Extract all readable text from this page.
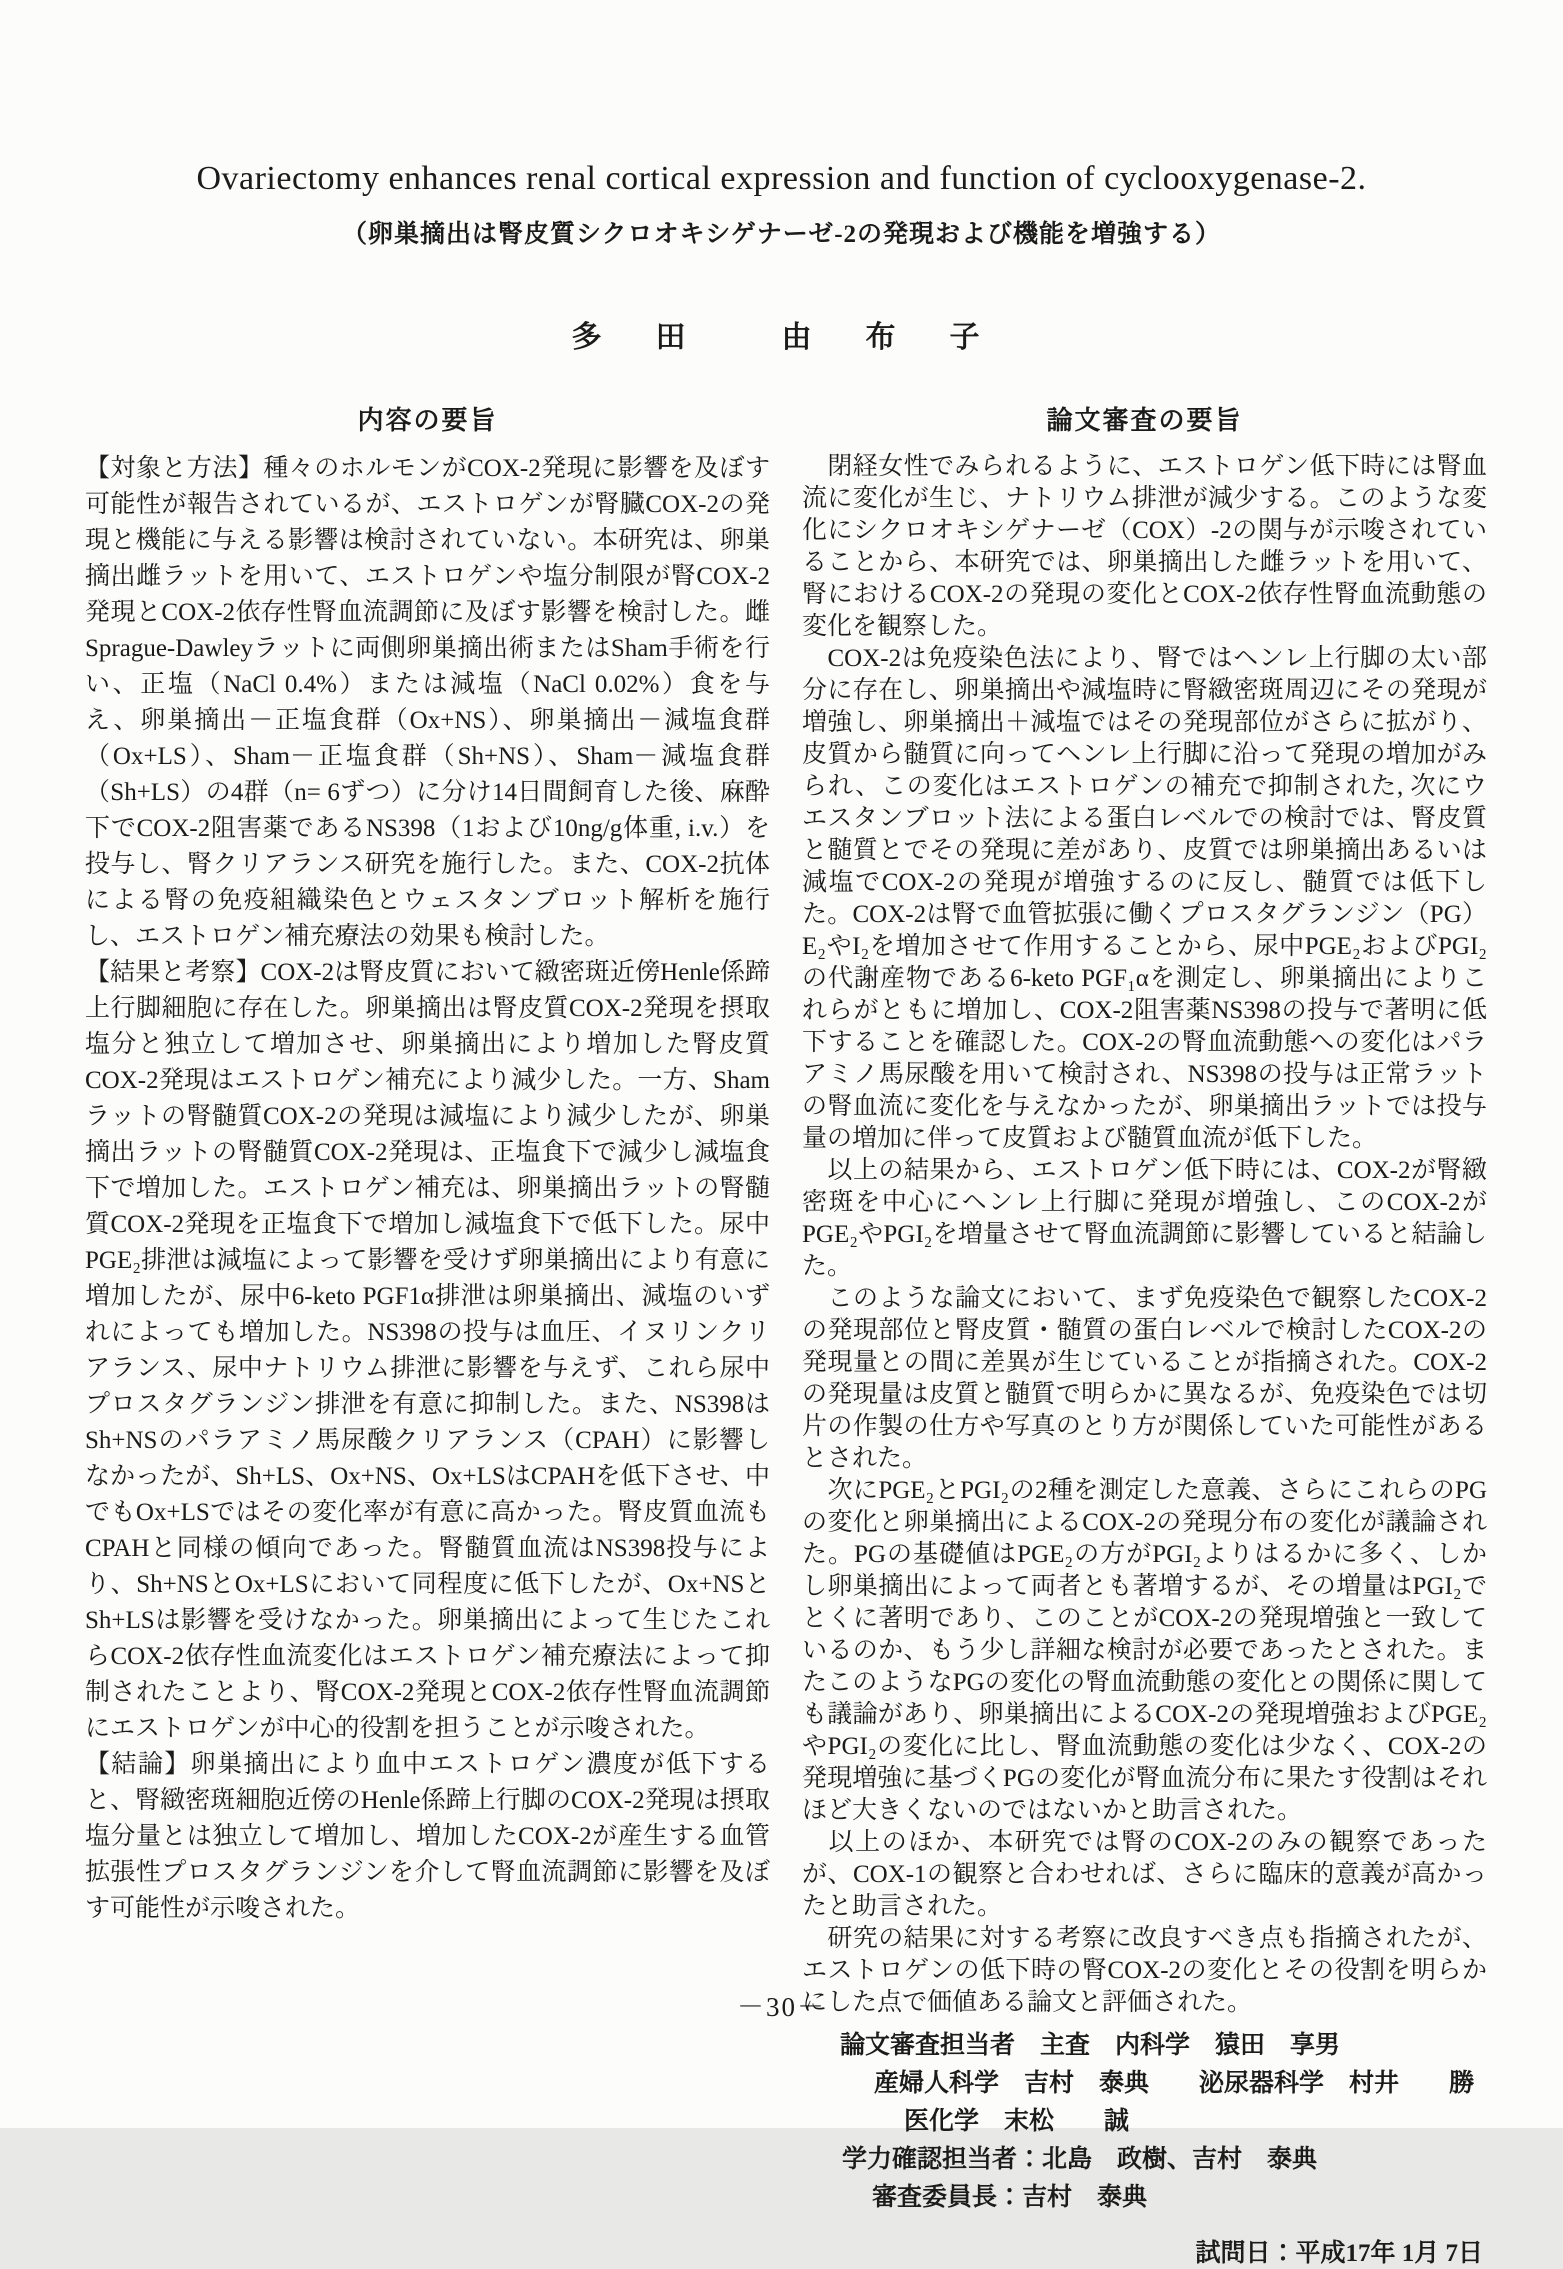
Ovariectomy enhances renal cortical expression and function of cyclooxygenase-2.
（卵巣摘出は腎皮質シクロオキシゲナーゼ-2の発現および機能を増強する）
多　田　　由　布　子
内容の要旨

【対象と方法】種々のホルモンがCOX-2発現に影響を及ぼす可能性が報告されているが、エストロゲンが腎臓COX-2の発現と機能に与える影響は検討されていない。本研究は、卵巣摘出雌ラットを用いて、エストロゲンや塩分制限が腎COX-2発現とCOX-2依存性腎血流調節に及ぼす影響を検討した。雌Sprague-Dawleyラットに両側卵巣摘出術またはSham手術を行い、正塩（NaCl 0.4%）または減塩（NaCl 0.02%）食を与え、卵巣摘出－正塩食群（Ox+NS）、卵巣摘出－減塩食群（Ox+LS）、Sham－正塩食群（Sh+NS）、Sham－減塩食群（Sh+LS）の4群（n= 6ずつ）に分け14日間飼育した後、麻酔下でCOX-2阻害薬であるNS398（1および10ng/g体重, i.v.）を投与し、腎クリアランス研究を施行した。また、COX-2抗体による腎の免疫組織染色とウェスタンブロット解析を施行し、エストロゲン補充療法の効果も検討した。

【結果と考察】COX-2は腎皮質において緻密斑近傍Henle係蹄上行脚細胞に存在した。卵巣摘出は腎皮質COX-2発現を摂取塩分と独立して増加させ、卵巣摘出により増加した腎皮質COX-2発現はエストロゲン補充により減少した。一方、Shamラットの腎髄質COX-2の発現は減塩により減少したが、卵巣摘出ラットの腎髄質COX-2発現は、正塩食下で減少し減塩食下で増加した。エストロゲン補充は、卵巣摘出ラットの腎髄質COX-2発現を正塩食下で増加し減塩食下で低下した。尿中PGE₂排泄は減塩によって影響を受けず卵巣摘出により有意に増加したが、尿中6-keto PGF1α排泄は卵巣摘出、減塩のいずれによっても増加した。NS398の投与は血圧、イヌリンクリアランス、尿中ナトリウム排泄に影響を与えず、これら尿中プロスタグランジン排泄を有意に抑制した。また、NS398はSh+NSのパラアミノ馬尿酸クリアランス（CPAH）に影響しなかったが、Sh+LS、Ox+NS、Ox+LSはCPAHを低下させ、中でもOx+LSではその変化率が有意に高かった。腎皮質血流もCPAHと同様の傾向であった。腎髄質血流はNS398投与により、Sh+NSとOx+LSにおいて同程度に低下したが、Ox+NSとSh+LSは影響を受けなかった。卵巣摘出によって生じたこれらCOX-2依存性血流変化はエストロゲン補充療法によって抑制されたことより、腎COX-2発現とCOX-2依存性腎血流調節にエストロゲンが中心的役割を担うことが示唆された。

【結論】卵巣摘出により血中エストロゲン濃度が低下すると、腎緻密斑細胞近傍のHenle係蹄上行脚のCOX-2発現は摂取塩分量とは独立して増加し、増加したCOX-2が産生する血管拡張性プロスタグランジンを介して腎血流調節に影響を及ぼす可能性が示唆された。

論文審査の要旨

　閉経女性でみられるように、エストロゲン低下時には腎血流に変化が生じ、ナトリウム排泄が減少する。このような変化にシクロオキシゲナーゼ（COX）-2の関与が示唆されていることから、本研究では、卵巣摘出した雌ラットを用いて、腎におけるCOX-2の発現の変化とCOX-2依存性腎血流動態の変化を観察した。

　COX-2は免疫染色法により、腎ではヘンレ上行脚の太い部分に存在し、卵巣摘出や減塩時に腎緻密斑周辺にその発現が増強し、卵巣摘出＋減塩ではその発現部位がさらに拡がり、皮質から髄質に向ってヘンレ上行脚に沿って発現の増加がみられ、この変化はエストロゲンの補充で抑制された, 次にウエスタンブロット法による蛋白レベルでの検討では、腎皮質と髄質とでその発現に差があり、皮質では卵巣摘出あるいは減塩でCOX-2の発現が増強するのに反し、髄質では低下した。COX-2は腎で血管拡張に働くプロスタグランジン（PG）E₂やI₂を増加させて作用することから、尿中PGE₂およびPGI₂の代謝産物である6-keto PGF₁αを測定し、卵巣摘出によりこれらがともに増加し、COX-2阻害薬NS398の投与で著明に低下することを確認した。COX-2の腎血流動態への変化はパラアミノ馬尿酸を用いて検討され、NS398の投与は正常ラットの腎血流に変化を与えなかったが、卵巣摘出ラットでは投与量の増加に伴って皮質および髄質血流が低下した。

　以上の結果から、エストロゲン低下時には、COX-2が腎緻密斑を中心にヘンレ上行脚に発現が増強し、このCOX-2がPGE₂やPGI₂を増量させて腎血流調節に影響していると結論した。

　このような論文において、まず免疫染色で観察したCOX-2の発現部位と腎皮質・髄質の蛋白レベルで検討したCOX-2の発現量との間に差異が生じていることが指摘された。COX-2の発現量は皮質と髄質で明らかに異なるが、免疫染色では切片の作製の仕方や写真のとり方が関係していた可能性があるとされた。

　次にPGE₂とPGI₂の2種を測定した意義、さらにこれらのPGの変化と卵巣摘出によるCOX-2の発現分布の変化が議論された。PGの基礎値はPGE₂の方がPGI₂よりはるかに多く、しかし卵巣摘出によって両者とも著増するが、その増量はPGI₂でとくに著明であり、このことがCOX-2の発現増強と一致しているのか、もう少し詳細な検討が必要であったとされた。またこのようなPGの変化の腎血流動態の変化との関係に関しても議論があり、卵巣摘出によるCOX-2の発現増強およびPGE₂やPGI₂の変化に比し、腎血流動態の変化は少なく、COX-2の発現増強に基づくPGの変化が腎血流分布に果たす役割はそれほど大きくないのではないかと助言された。

　以上のほか、本研究では腎のCOX-2のみの観察であったが、COX-1の観察と合わせれば、さらに臨床的意義が高かったと助言された。

　研究の結果に対する考察に改良すべき点も指摘されたが、エストロゲンの低下時の腎COX-2の変化とその役割を明らかにした点で価値ある論文と評価された。

論文審査担当者　主査　内科学　猿田　享男
産婦人科学　吉村　泰典　　泌尿器科学　村井　　勝
医化学　末松　　誠
学力確認担当者：北島　政樹、吉村　泰典
審査委員長：吉村　泰典
試問日：平成17年 1月 7日
－30－
